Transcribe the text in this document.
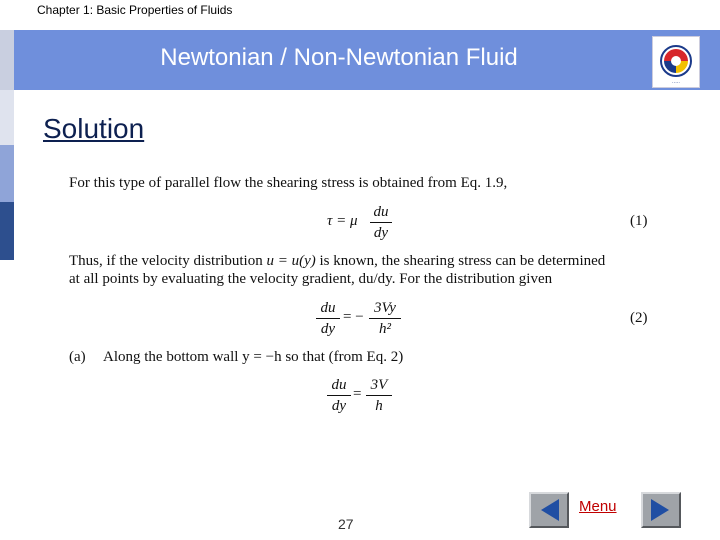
Chapter 1: Basic Properties of Fluids
Newtonian / Non-Newtonian Fluid
·····
Solution
For this type of parallel flow the shearing stress is obtained from Eq. 1.9,
τ = μ
du
dy
(1)
Thus, if the velocity distribution u = u(y) is known, the shearing stress can be determined
at all points by evaluating the velocity gradient, du/dy. For the distribution given
du
dy
= −
3Vy
h²
(2)
(a) Along the bottom wall y = −h so that (from Eq. 2)
du
dy
=
3V
h
27
Menu
